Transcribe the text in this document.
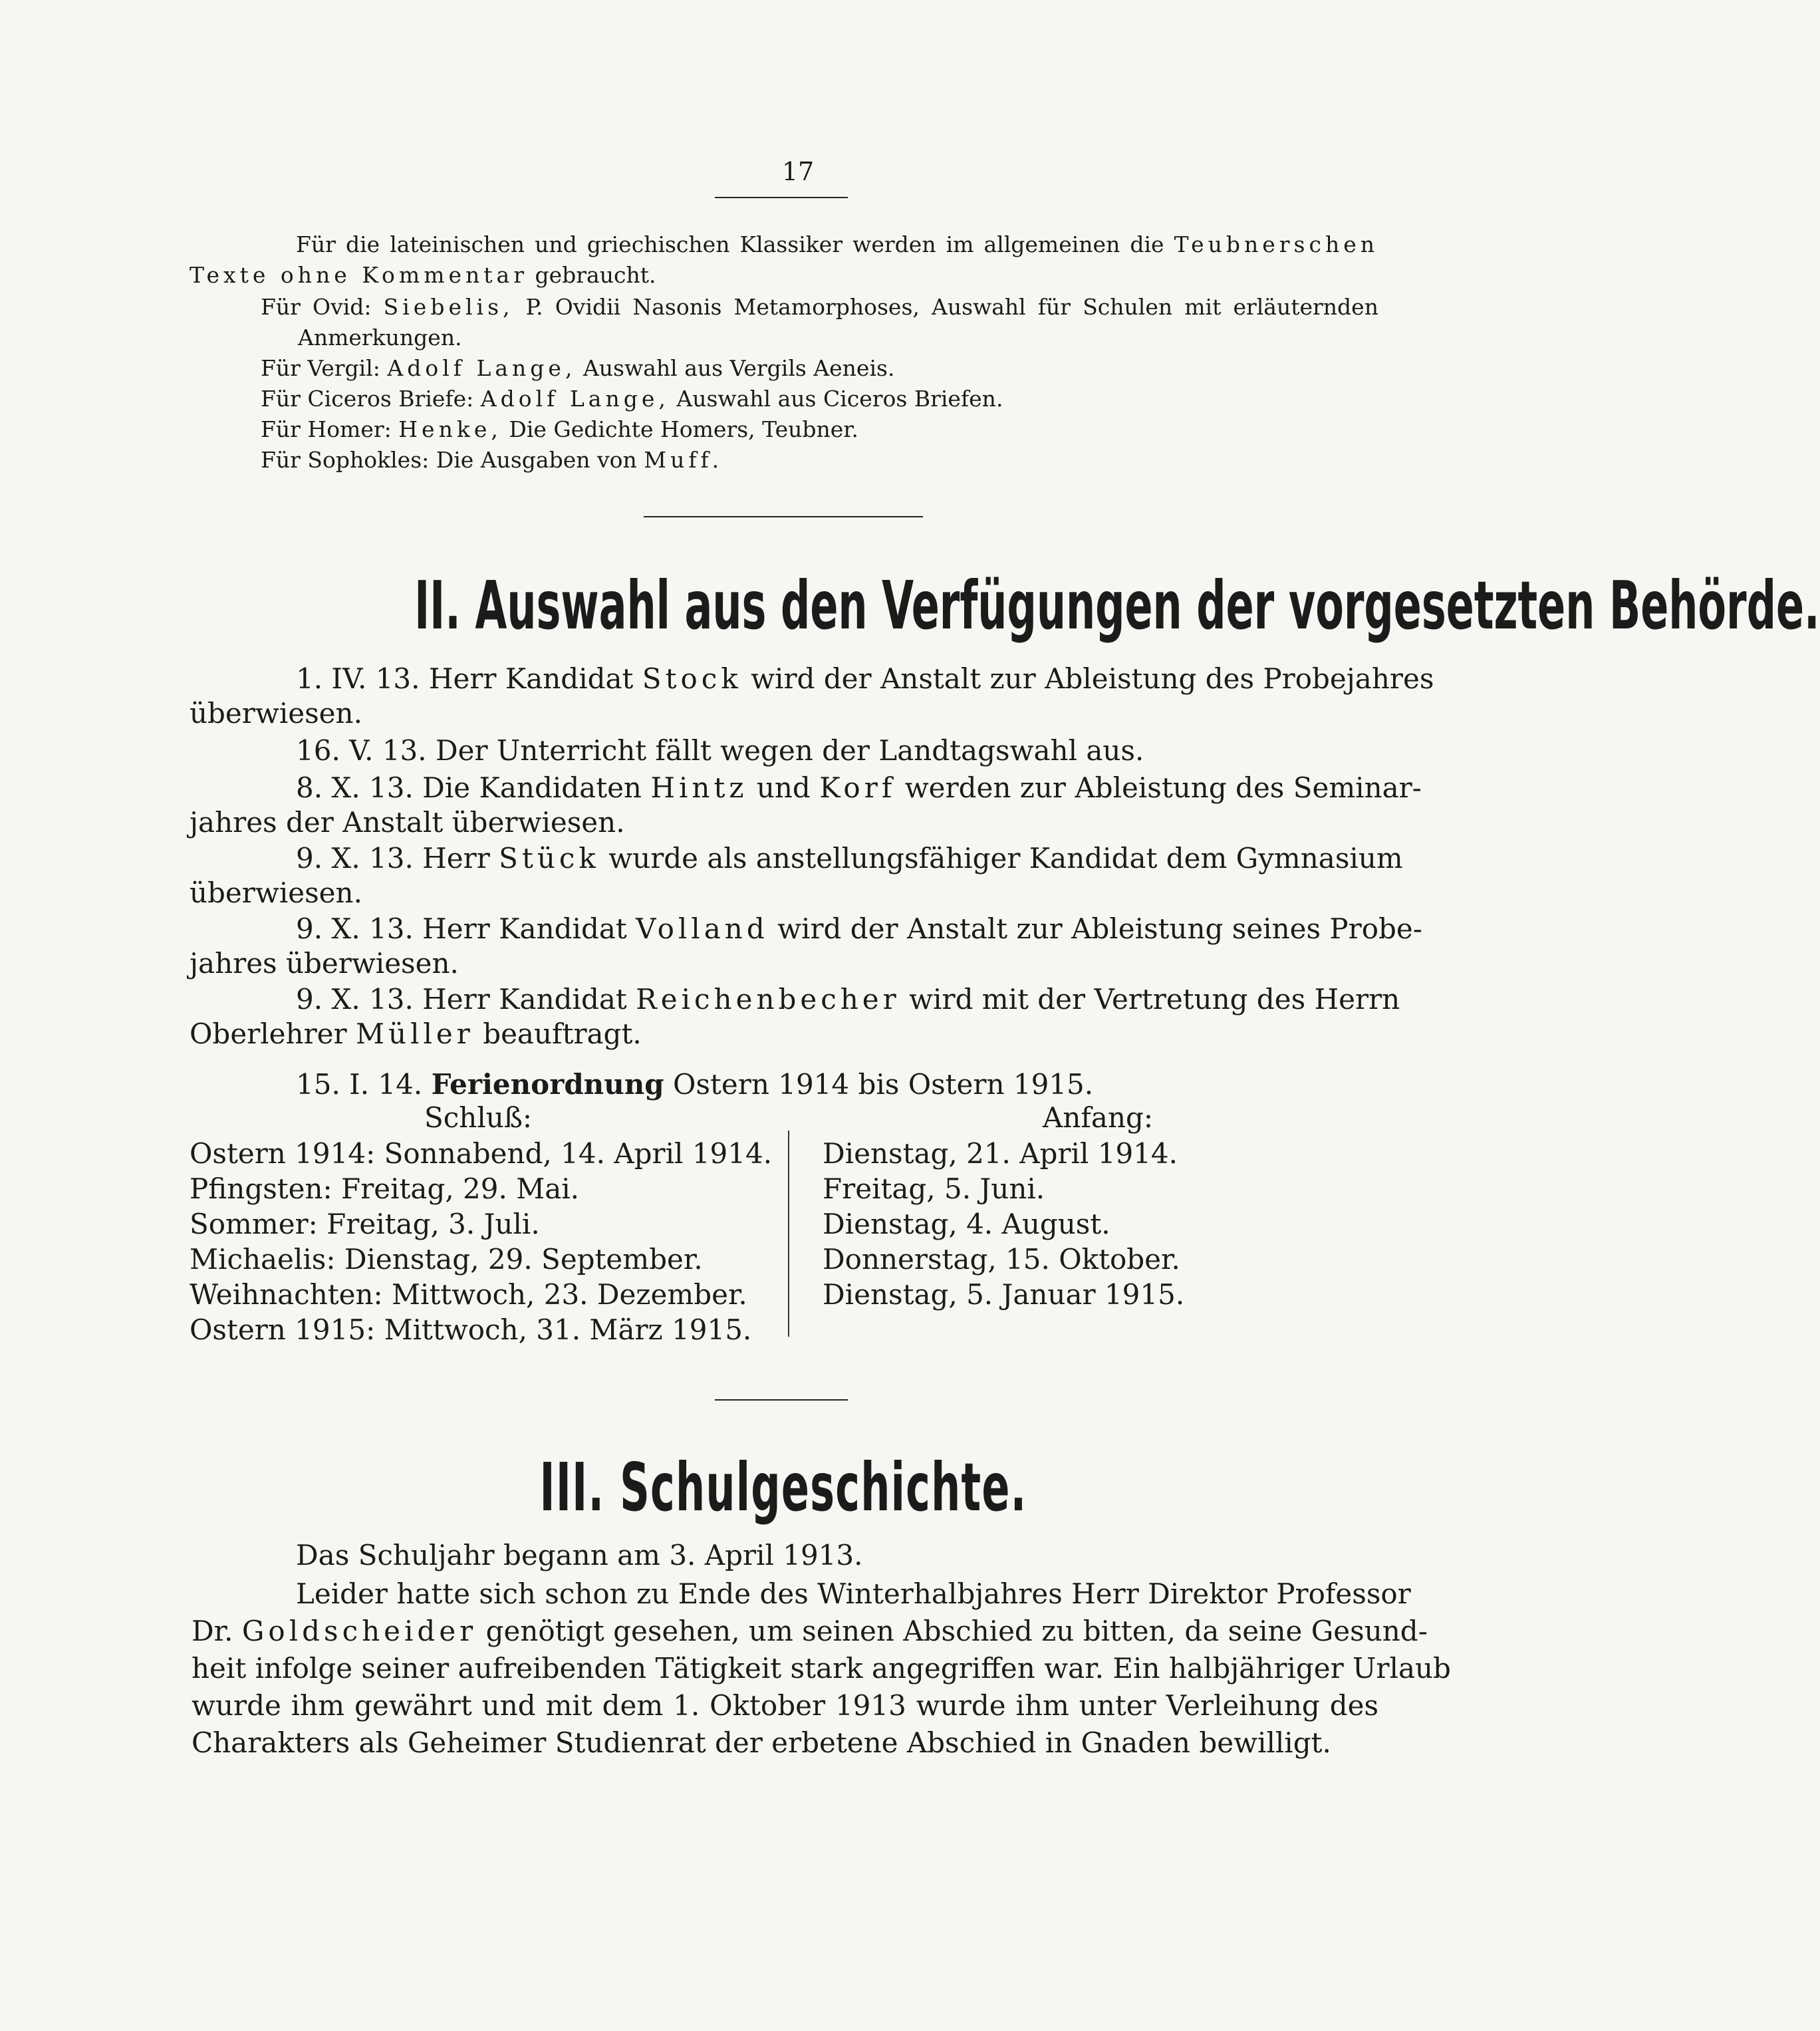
17
Für die lateinischen und griechischen Klassiker werden im allgemeinen die Teubnerschen
Texte ohne Kommentar gebraucht.
Für Ovid: Siebelis, P. Ovidii Nasonis Metamorphoses, Auswahl für Schulen mit erläuternden
Anmerkungen.
Für Vergil: Adolf Lange, Auswahl aus Vergils Aeneis.
Für Ciceros Briefe: Adolf Lange, Auswahl aus Ciceros Briefen.
Für Homer: Henke, Die Gedichte Homers, Teubner.
Für Sophokles: Die Ausgaben von Muff.
II. Auswahl aus den Verfügungen der vorgesetzten Behörde.
1. IV. 13. Herr Kandidat Stock wird der Anstalt zur Ableistung des Probejahres
überwiesen.
16. V. 13. Der Unterricht fällt wegen der Landtagswahl aus.
8. X. 13. Die Kandidaten Hintz und Korf werden zur Ableistung des Seminar-
jahres der Anstalt überwiesen.
9. X. 13. Herr Stück wurde als anstellungsfähiger Kandidat dem Gymnasium
überwiesen.
9. X. 13. Herr Kandidat Volland wird der Anstalt zur Ableistung seines Probe-
jahres überwiesen.
9. X. 13. Herr Kandidat Reichenbecher wird mit der Vertretung des Herrn
Oberlehrer Müller beauftragt.
15. I. 14. Ferienordnung Ostern 1914 bis Ostern 1915.
Schluß:	Anfang:
Ostern 1914: Sonnabend, 14. April 1914. Dienstag, 21. April 1914.
Pfingsten: Freitag, 29. Mai.	Freitag, 5. Juni.
Sommer: Freitag, 3. Juli.	Dienstag, 4. August.
Michaelis: Dienstag, 29. September.	Donnerstag, 15. Oktober.
Weihnachten: Mittwoch, 23. Dezember.	Dienstag, 5. Januar 1915.
Ostern 1915: Mittwoch, 31. März 1915.
III. Schulgeschichte.
Das Schuljahr begann am 3. April 1913.
Leider hatte sich schon zu Ende des Winterhalbjahres Herr Direktor Professor
Dr. Goldscheider genötigt gesehen, um seinen Abschied zu bitten, da seine Gesund-
heit infolge seiner aufreibenden Tätigkeit stark angegriffen war. Ein halbjähriger Urlaub
wurde ihm gewährt und mit dem 1. Oktober 1913 wurde ihm unter Verleihung des
Charakters als Geheimer Studienrat der erbetene Abschied in Gnaden bewilligt.
